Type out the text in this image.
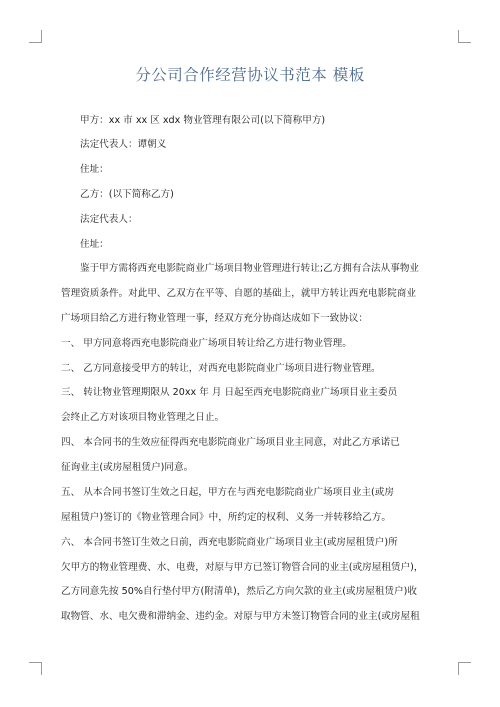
分公司合作经营协议书范本 模板
甲方：xx 市 xx 区 xdx 物业管理有限公司(以下简称甲方)
法定代表人：谭朝义
住址：
乙方：(以下简称乙方)
法定代表人：
住址：
鉴于甲方需将西充电影院商业广场项目物业管理进行转让;乙方拥有合法从事物业
管理资质条件。对此甲、乙双方在平等、自愿的基础上，就甲方转让西充电影院商业
广场项目给乙方进行物业管理一事，经双方充分协商达成如下一致协议：
一、 甲方同意将西充电影院商业广场项目转让给乙方进行物业管理。
二、 乙方同意接受甲方的转让，对西充电影院商业广场项目进行物业管理。
三、 转让物业管理期限从 20xx 年 月 日起至西充电影院商业广场项目业主委员
会终止乙方对该项目物业管理之日止。
四、 本合同书的生效应征得西充电影院商业广场项目业主同意，对此乙方承诺已
征询业主(或房屋租赁户)同意。
五、 从本合同书签订生效之日起，甲方在与西充电影院商业广场项目业主(或房
屋租赁户)签订的《物业管理合同》中，所约定的权利、义务一并转移给乙方。
六、 本合同书签订生效之日前，西充电影院商业广场项目业主(或房屋租赁户)所
欠甲方的物业管理费、水、电费，对原与甲方已签订物管合同的业主(或房屋租赁户)，
乙方同意先按 50%自行垫付甲方(附清单)，然后乙方向欠款的业主(或房屋租赁户)收
取物管、水、电欠费和滞纳金、违约金。对原与甲方未签订物管合同的业主(或房屋租
